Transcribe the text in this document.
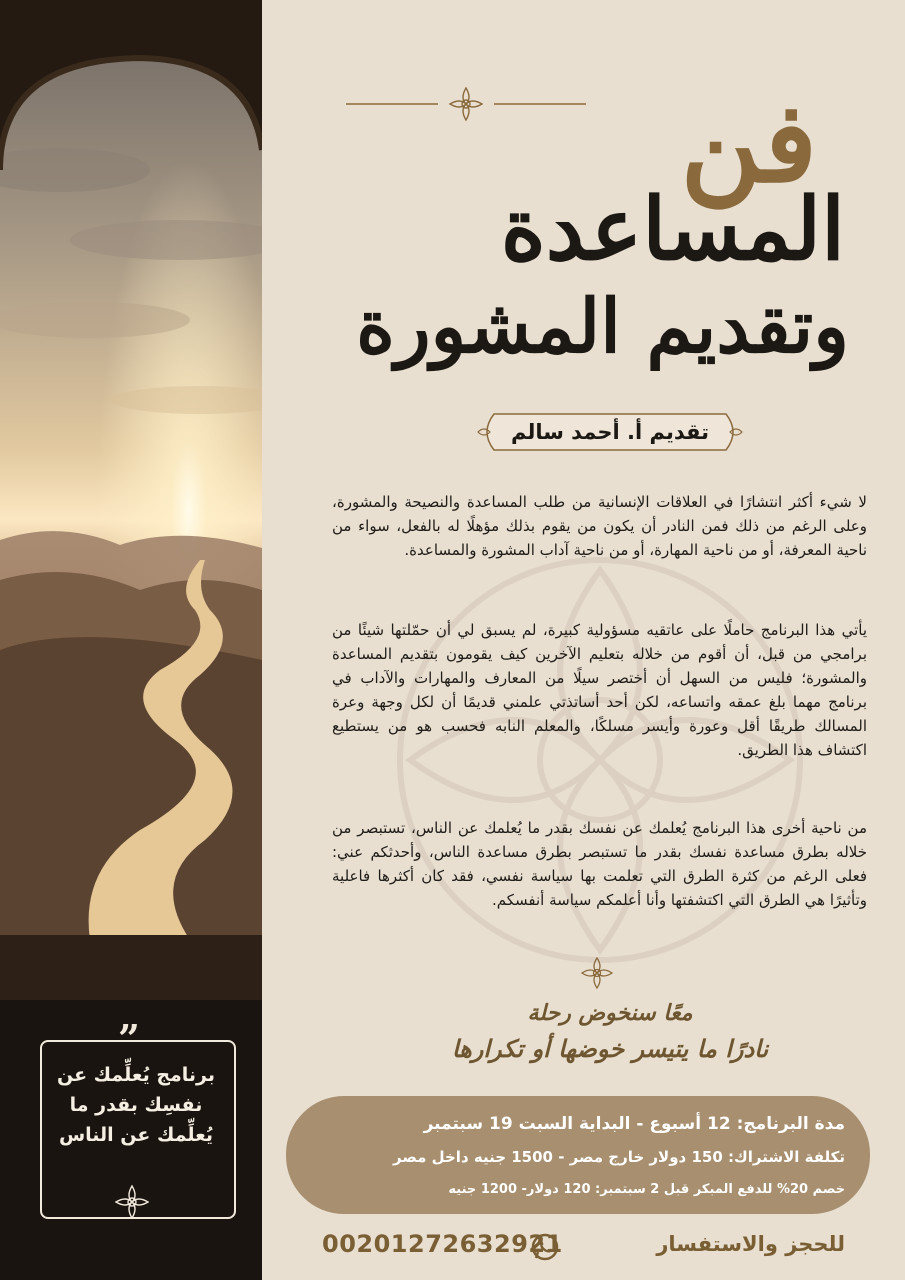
”
برنامج يُعلِّمك عن نفسِك بقدر ما يُعلِّمك عن الناس
فن
المساعدة
وتقديم المشورة
تقديم أ. أحمد سالم
لا شيء أكثر انتشارًا في العلاقات الإنسانية من طلب المساعدة والنصيحة والمشورة، وعلى الرغم من ذلك فمن النادر أن يكون من يقوم بذلك مؤهلًا له بالفعل، سواء من ناحية المعرفة، أو من ناحية المهارة، أو من ناحية آداب المشورة والمساعدة.
يأتي هذا البرنامج حاملًا على عاتقيه مسؤولية كبيرة، لم يسبق لي أن حمّلتها شيئًا من برامجي من قبل، أن أقوم من خلاله بتعليم الآخرين كيف يقومون بتقديم المساعدة والمشورة؛ فليس من السهل أن أختصر سيلًا من المعارف والمهارات والآداب في برنامج مهما بلغ عمقه واتساعه، لكن أحد أساتذتي علمني قديمًا أن لكل وجهة وعرة المسالك طريقًا أقل وعورة وأيسر مسلكًا، والمعلم النابه فحسب هو من يستطيع اكتشاف هذا الطريق.
من ناحية أخرى هذا البرنامج يُعلمك عن نفسك بقدر ما يُعلمك عن الناس، تستبصر من خلاله بطرق مساعدة نفسك بقدر ما تستبصر بطرق مساعدة الناس، وأحدثكم عني: فعلى الرغم من كثرة الطرق التي تعلمت بها سياسة نفسي، فقد كان أكثرها فاعلية وتأثيرًا هي الطرق التي اكتشفتها وأنا أعلمكم سياسة أنفسكم.
معًا سنخوض رحلة
نادرًا ما يتيسر خوضها أو تكرارها
مدة البرنامج: 12 أسبوع - البداية السبت 19 سبتمبر
تكلفة الاشتراك: 150 دولار خارج مصر - 1500 جنيه داخل مصر
خصم 20% للدفع المبكر قبل 2 سبتمبر: 120 دولار- 1200 جنيه
للحجز والاستفسار
00201272632921
